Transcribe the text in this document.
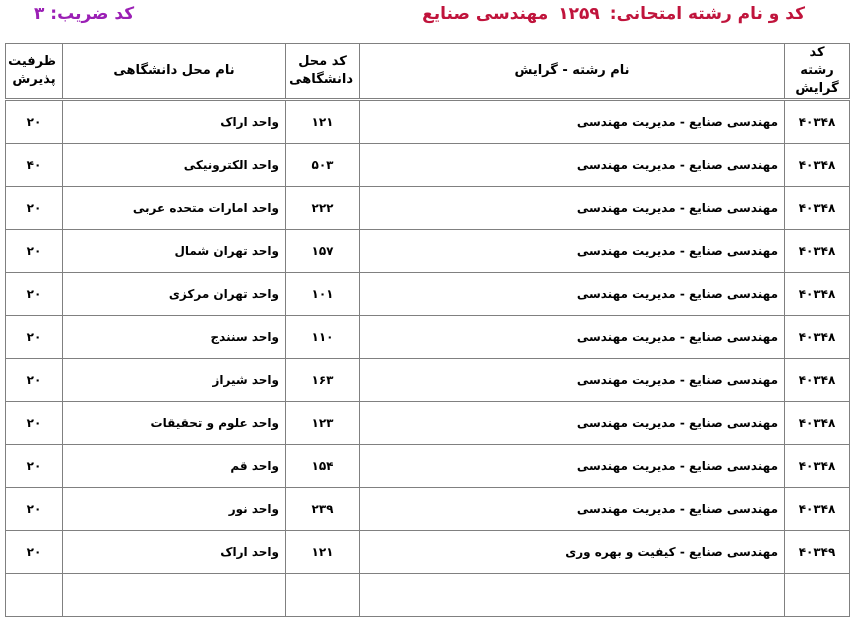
کد و نام رشته امتحانی:۱۲۵۹مهندسی صنایع
کد ضریب: ۳
کد رشته گرایش	نام رشته - گرایش	کد محل دانشگاهی	نام محل دانشگاهی	ظرفیت پذیرش
۴۰۳۴۸	مهندسی صنایع - مدیریت مهندسی	۱۲۱	واحد اراک	۲۰
۴۰۳۴۸	مهندسی صنایع - مدیریت مهندسی	۵۰۳	واحد الکترونیکی	۴۰
۴۰۳۴۸	مهندسی صنایع - مدیریت مهندسی	۲۲۲	واحد امارات متحده عربی	۲۰
۴۰۳۴۸	مهندسی صنایع - مدیریت مهندسی	۱۵۷	واحد تهران شمال	۲۰
۴۰۳۴۸	مهندسی صنایع - مدیریت مهندسی	۱۰۱	واحد تهران مرکزی	۲۰
۴۰۳۴۸	مهندسی صنایع - مدیریت مهندسی	۱۱۰	واحد سنندج	۲۰
۴۰۳۴۸	مهندسی صنایع - مدیریت مهندسی	۱۶۳	واحد شیراز	۲۰
۴۰۳۴۸	مهندسی صنایع - مدیریت مهندسی	۱۲۳	واحد علوم و تحقیقات	۲۰
۴۰۳۴۸	مهندسی صنایع - مدیریت مهندسی	۱۵۴	واحد قم	۲۰
۴۰۳۴۸	مهندسی صنایع - مدیریت مهندسی	۲۳۹	واحد نور	۲۰
۴۰۳۴۹	مهندسی صنایع - کیفیت و بهره وری	۱۲۱	واحد اراک	۲۰
